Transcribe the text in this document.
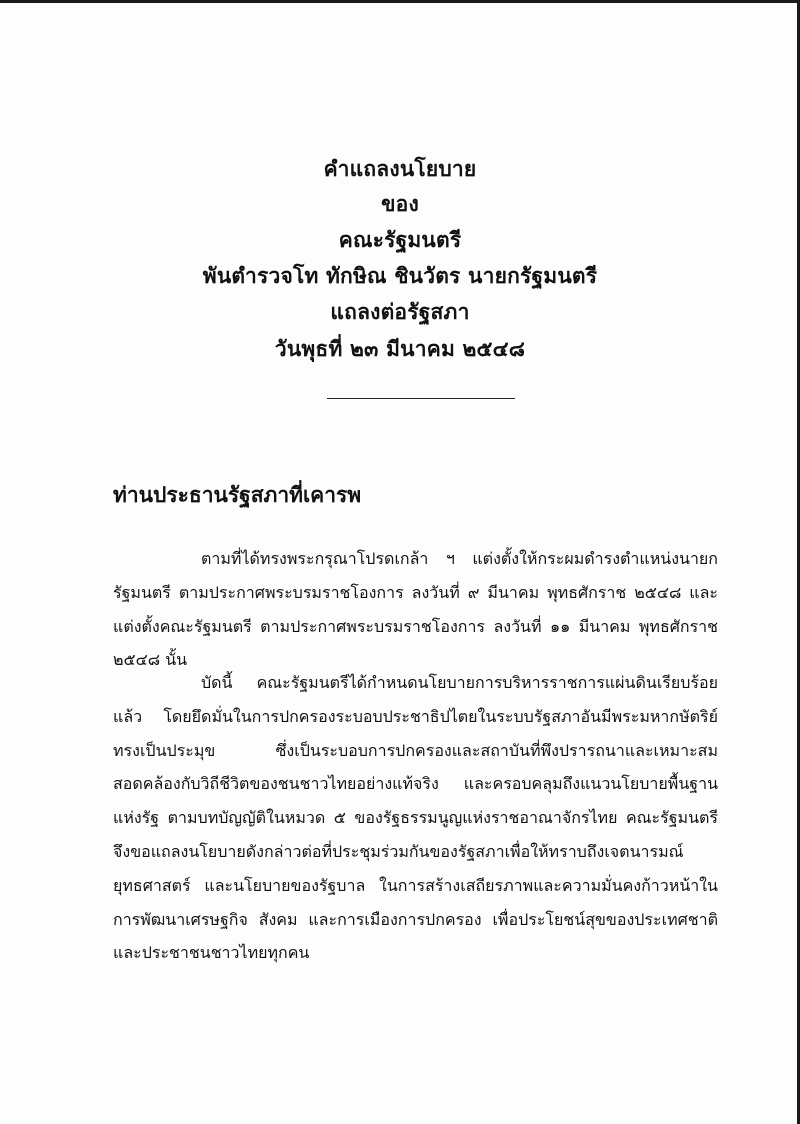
คำแถลงนโยบาย
ของ
คณะรัฐมนตรี
พันตำรวจโท ทักษิณ ชินวัตร นายกรัฐมนตรี
แถลงต่อรัฐสภา
วันพุธที่ ๒๓ มีนาคม ๒๕๔๘
ท่านประธานรัฐสภาที่เคารพ

ตามที่ได้ทรงพระกรุณาโปรดเกล้า ฯ แต่งตั้งให้กระผมดำรงตำแหน่งนายกรัฐมนตรี ตามประกาศพระบรมราชโองการ ลงวันที่ ๙ มีนาคม พุทธศักราช ๒๕๔๘ และแต่งตั้งคณะรัฐมนตรี ตามประกาศพระบรมราชโองการ ลงวันที่ ๑๑ มีนาคม พุทธศักราช ๒๕๔๘ นั้น

บัดนี้ คณะรัฐมนตรีได้กำหนดนโยบายการบริหารราชการแผ่นดินเรียบร้อยแล้ว โดยยึดมั่นในการปกครองระบอบประชาธิปไตยในระบบรัฐสภาอันมีพระมหากษัตริย์ทรงเป็นประมุข ซึ่งเป็นระบอบการปกครองและสถาบันที่พึงปรารถนาและเหมาะสม สอดคล้องกับวิถีชีวิตของชนชาวไทยอย่างแท้จริง และครอบคลุมถึงแนวนโยบายพื้นฐานแห่งรัฐ ตามบทบัญญัติในหมวด ๕ ของรัฐธรรมนูญแห่งราชอาณาจักรไทย คณะรัฐมนตรีจึงขอแถลงนโยบายดังกล่าวต่อที่ประชุมร่วมกันของรัฐสภาเพื่อให้ทราบถึงเจตนารมณ์ ยุทธศาสตร์ และนโยบายของรัฐบาล ในการสร้างเสถียรภาพและความมั่นคงก้าวหน้าในการพัฒนาเศรษฐกิจ สังคม และการเมืองการปกครอง เพื่อประโยชน์สุขของประเทศชาติและประชาชนชาวไทยทุกคน
